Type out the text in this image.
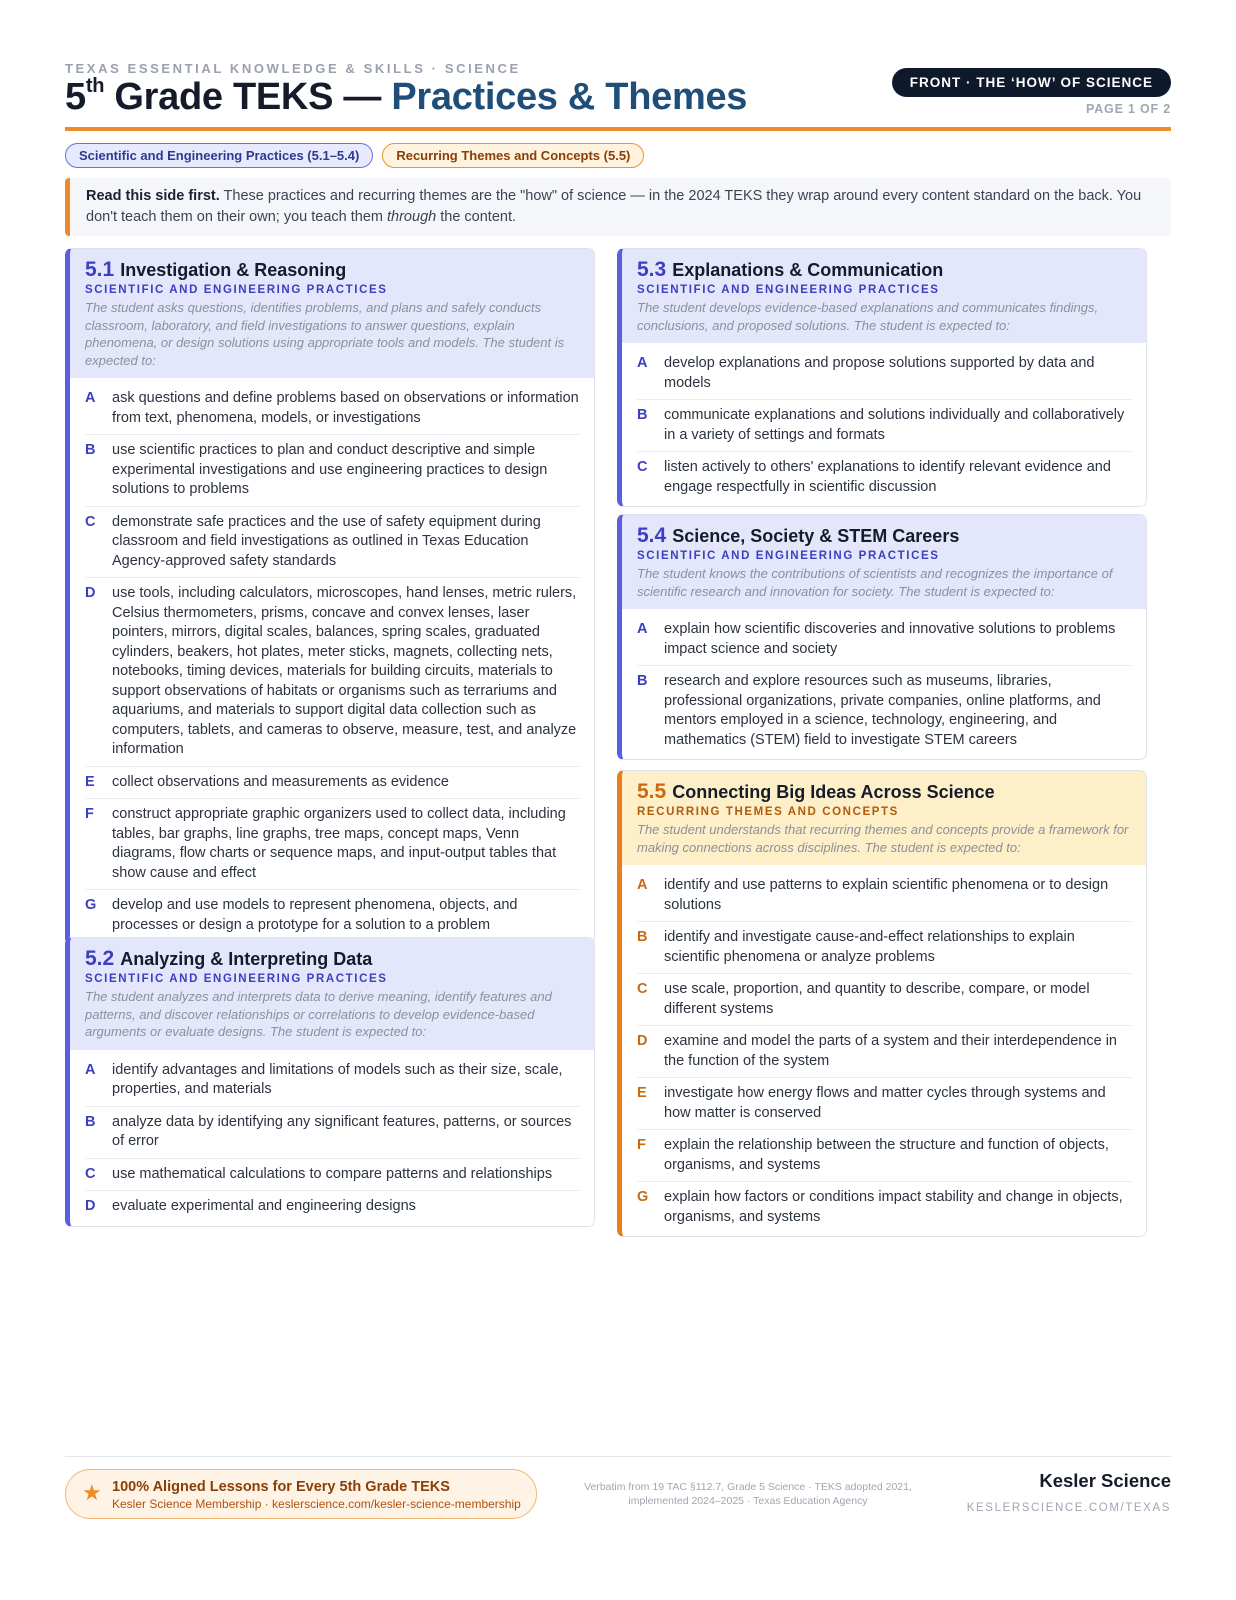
TEXAS ESSENTIAL KNOWLEDGE & SKILLS · SCIENCE
5th Grade TEKS — Practices & Themes	FRONT · THE ‘HOW’ OF SCIENCE
PAGE 1 OF 2
Scientific and Engineering Practices (5.1–5.4)	Recurring Themes and Concepts (5.5)
Read this side first. These practices and recurring themes are the "how" of science — in the 2024 TEKS they wrap around every content standard on the back. You don't teach them on their own; you teach them through the content.
5.1 Investigation & Reasoning
SCIENTIFIC AND ENGINEERING PRACTICES
The student asks questions, identifies problems, and plans and safely conducts classroom, laboratory, and field investigations to answer questions, explain phenomena, or design solutions using appropriate tools and models. The student is expected to:
A	ask questions and define problems based on observations or information from text, phenomena, models, or investigations
B	use scientific practices to plan and conduct descriptive and simple experimental investigations and use engineering practices to design solutions to problems
C	demonstrate safe practices and the use of safety equipment during classroom and field investigations as outlined in Texas Education Agency-approved safety standards
D	use tools, including calculators, microscopes, hand lenses, metric rulers, Celsius thermometers, prisms, concave and convex lenses, laser pointers, mirrors, digital scales, balances, spring scales, graduated cylinders, beakers, hot plates, meter sticks, magnets, collecting nets, notebooks, timing devices, materials for building circuits, materials to support observations of habitats or organisms such as terrariums and aquariums, and materials to support digital data collection such as computers, tablets, and cameras to observe, measure, test, and analyze information
E	collect observations and measurements as evidence
F	construct appropriate graphic organizers used to collect data, including tables, bar graphs, line graphs, tree maps, concept maps, Venn diagrams, flow charts or sequence maps, and input-output tables that show cause and effect
G	develop and use models to represent phenomena, objects, and processes or design a prototype for a solution to a problem
5.2 Analyzing & Interpreting Data
SCIENTIFIC AND ENGINEERING PRACTICES
The student analyzes and interprets data to derive meaning, identify features and patterns, and discover relationships or correlations to develop evidence-based arguments or evaluate designs. The student is expected to:
A	identify advantages and limitations of models such as their size, scale, properties, and materials
B	analyze data by identifying any significant features, patterns, or sources of error
C	use mathematical calculations to compare patterns and relationships
D	evaluate experimental and engineering designs
5.3 Explanations & Communication
SCIENTIFIC AND ENGINEERING PRACTICES
The student develops evidence-based explanations and communicates findings, conclusions, and proposed solutions. The student is expected to:
A	develop explanations and propose solutions supported by data and models
B	communicate explanations and solutions individually and collaboratively in a variety of settings and formats
C	listen actively to others' explanations to identify relevant evidence and engage respectfully in scientific discussion
5.4 Science, Society & STEM Careers
SCIENTIFIC AND ENGINEERING PRACTICES
The student knows the contributions of scientists and recognizes the importance of scientific research and innovation for society. The student is expected to:
A	explain how scientific discoveries and innovative solutions to problems impact science and society
B	research and explore resources such as museums, libraries, professional organizations, private companies, online platforms, and mentors employed in a science, technology, engineering, and mathematics (STEM) field to investigate STEM careers
5.5 Connecting Big Ideas Across Science
RECURRING THEMES AND CONCEPTS
The student understands that recurring themes and concepts provide a framework for making connections across disciplines. The student is expected to:
A	identify and use patterns to explain scientific phenomena or to design solutions
B	identify and investigate cause-and-effect relationships to explain scientific phenomena or analyze problems
C	use scale, proportion, and quantity to describe, compare, or model different systems
D	examine and model the parts of a system and their interdependence in the function of the system
E	investigate how energy flows and matter cycles through systems and how matter is conserved
F	explain the relationship between the structure and function of objects, organisms, and systems
G	explain how factors or conditions impact stability and change in objects, organisms, and systems
★ 100% Aligned Lessons for Every 5th Grade TEKS
Kesler Science Membership · keslerscience.com/kesler-science-membership
Verbatim from 19 TAC §112.7, Grade 5 Science · TEKS adopted 2021,
implemented 2024–2025 · Texas Education Agency
Kesler Science
KESLERSCIENCE.COM/TEXAS
